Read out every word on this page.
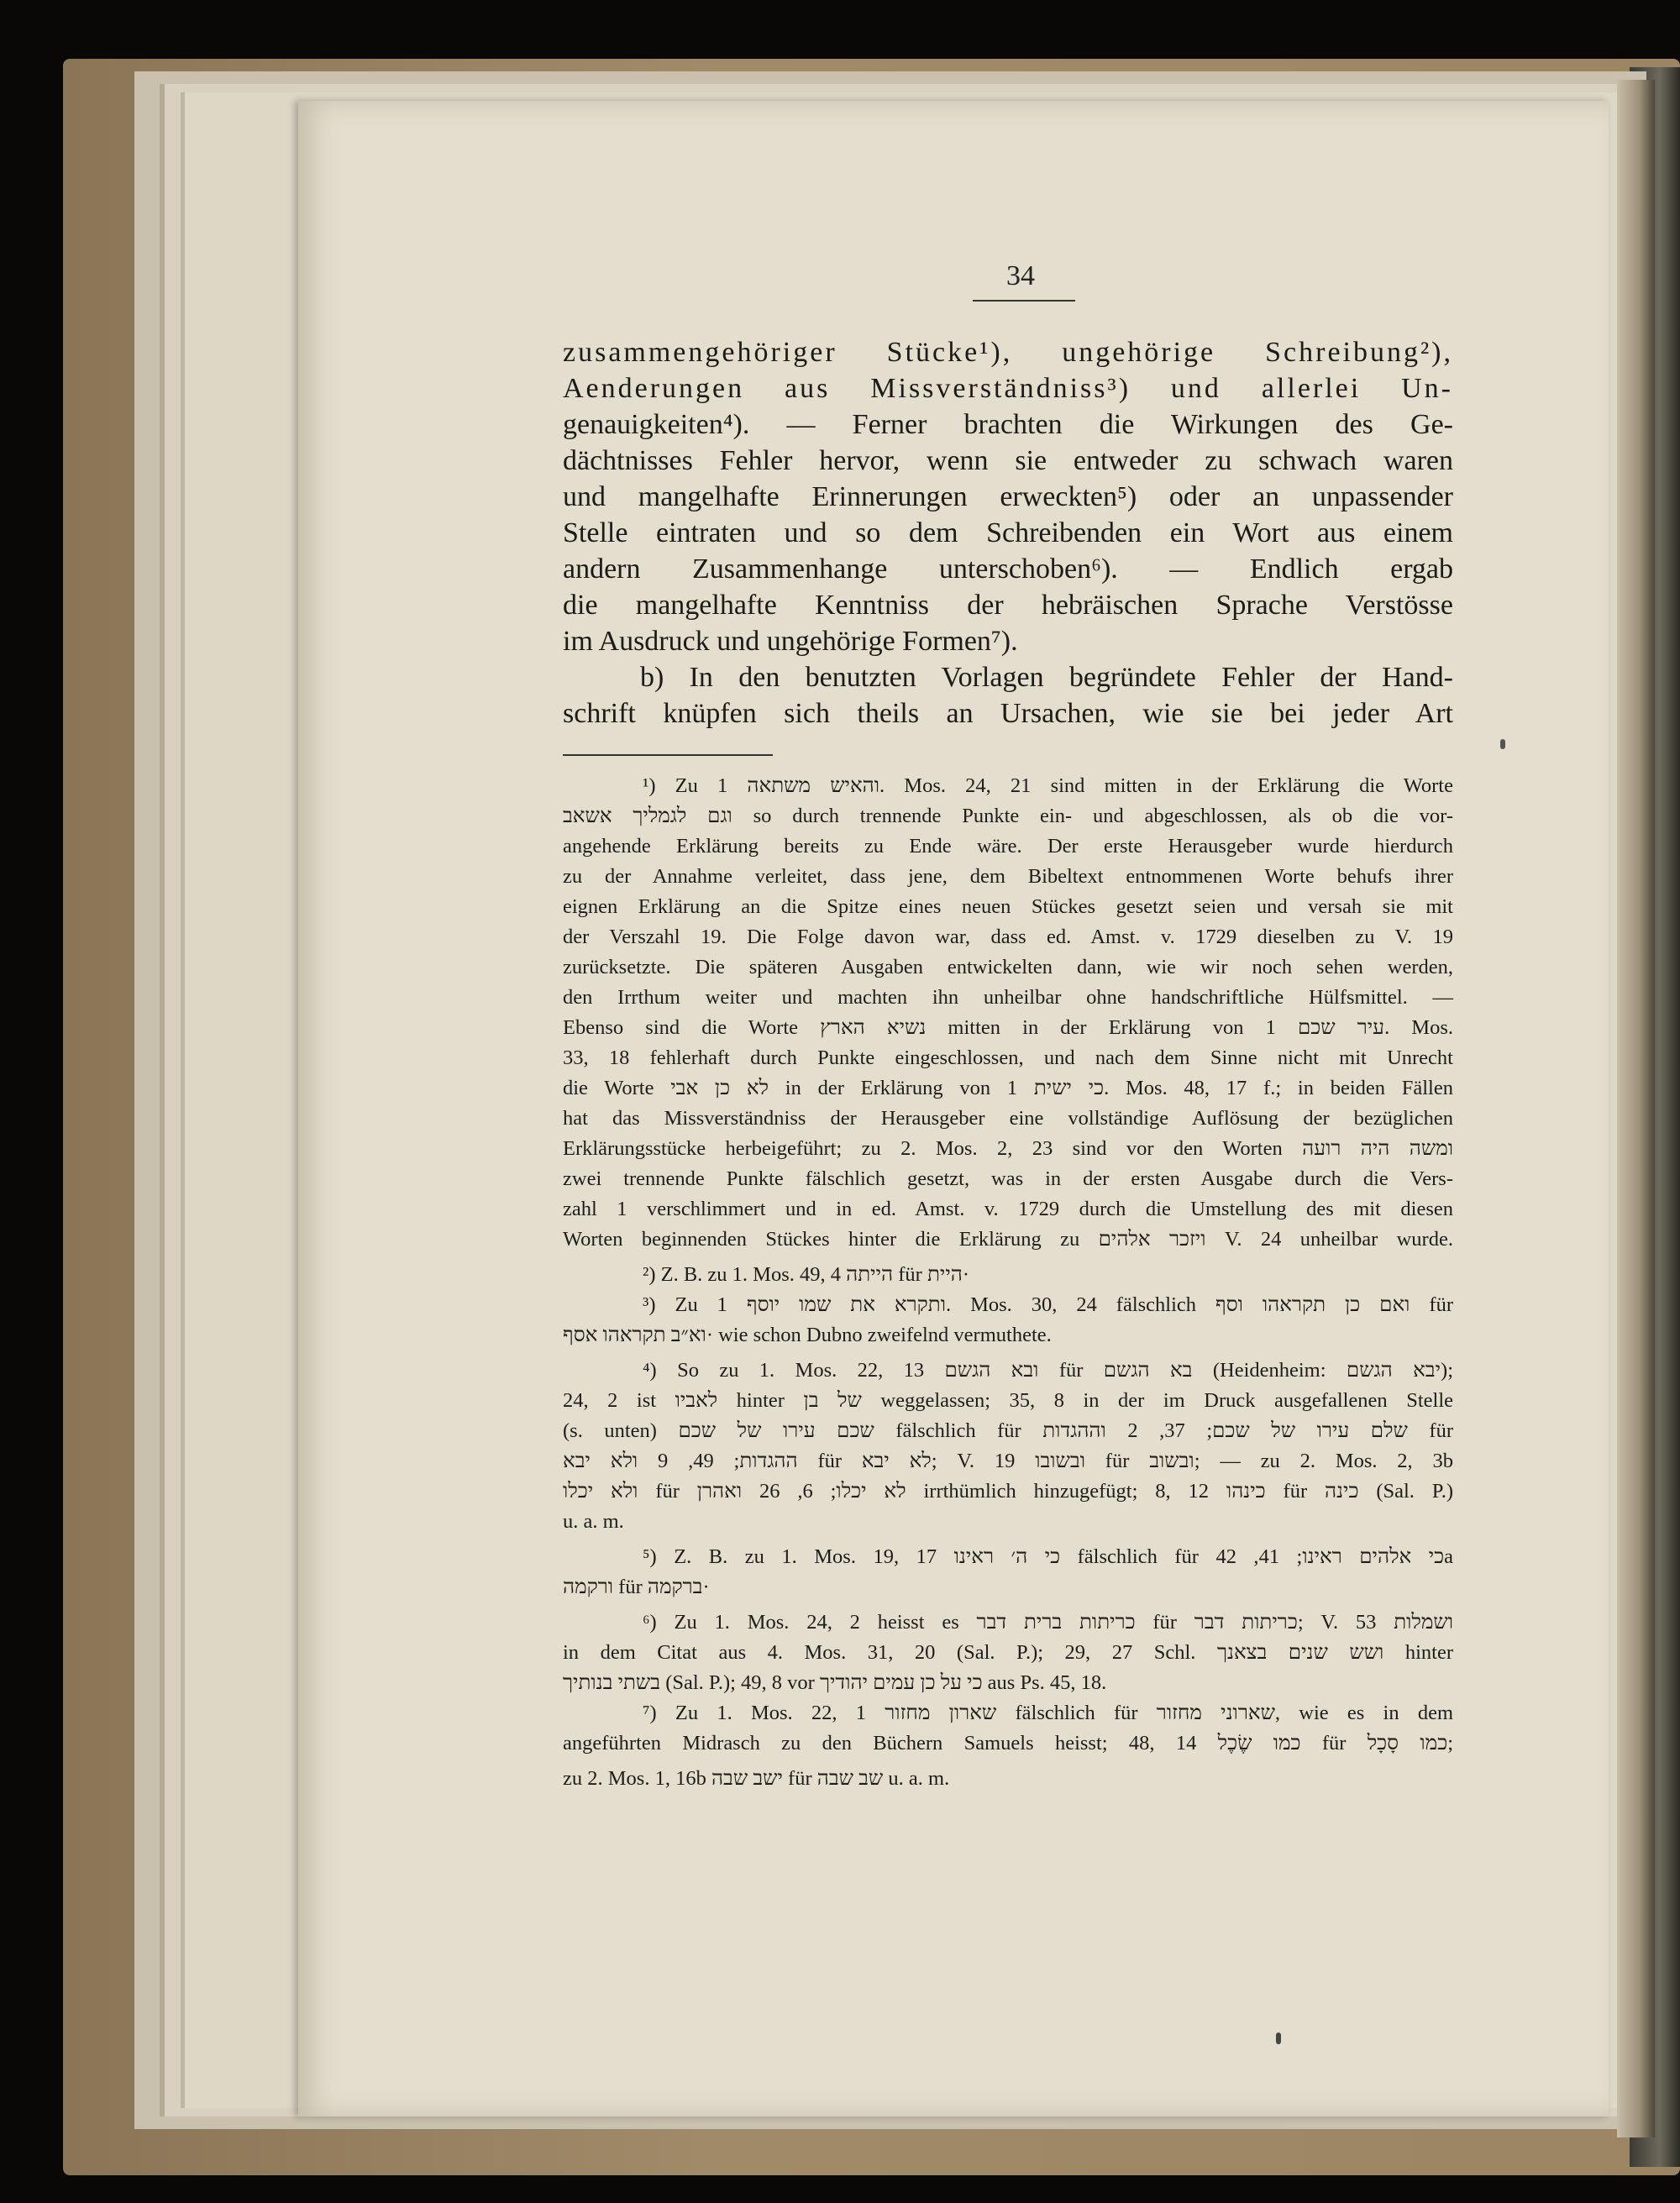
34
zusammengehöriger Stücke¹), ungehörige Schreibung²),
Aenderungen aus Missverständniss³) und allerlei Un-
genauigkeiten⁴). — Ferner brachten die Wirkungen des Ge-
dächtnisses Fehler hervor, wenn sie entweder zu schwach waren
und mangelhafte Erinnerungen erweckten⁵) oder an unpassender
Stelle eintraten und so dem Schreibenden ein Wort aus einem
andern Zusammenhange unterschoben⁶). — Endlich ergab
die mangelhafte Kenntniss der hebräischen Sprache Verstösse
im Ausdruck und ungehörige Formen⁷).
b) In den benutzten Vorlagen begründete Fehler der Hand-
schrift knüpfen sich theils an Ursachen, wie sie bei jeder Art
¹) Zu והאיש משתאה 1. Mos. 24, 21 sind mitten in der Erklärung die Worte
וגם לגמליך אשאב so durch trennende Punkte ein- und abgeschlossen, als ob die vor-
angehende Erklärung bereits zu Ende wäre. Der erste Herausgeber wurde hierdurch
zu der Annahme verleitet, dass jene, dem Bibeltext entnommenen Worte behufs ihrer
eignen Erklärung an die Spitze eines neuen Stückes gesetzt seien und versah sie mit
der Verszahl 19. Die Folge davon war, dass ed. Amst. v. 1729 dieselben zu V. 19
zurücksetzte. Die späteren Ausgaben entwickelten dann, wie wir noch sehen werden,
den Irrthum weiter und machten ihn unheilbar ohne handschriftliche Hülfsmittel. —
Ebenso sind die Worte נשיא הארץ mitten in der Erklärung von עיר שכם 1. Mos.
33, 18 fehlerhaft durch Punkte eingeschlossen, und nach dem Sinne nicht mit Unrecht
die Worte לא כן אבי in der Erklärung von כי ישית 1. Mos. 48, 17 f.; in beiden Fällen
hat das Missverständniss der Herausgeber eine vollständige Auflösung der bezüglichen
Erklärungsstücke herbeigeführt; zu 2. Mos. 2, 23 sind vor den Worten ומשה היה רועה
zwei trennende Punkte fälschlich gesetzt, was in der ersten Ausgabe durch die Vers-
zahl 1 verschlimmert und in ed. Amst. v. 1729 durch die Umstellung des mit diesen
Worten beginnenden Stückes hinter die Erklärung zu ויזכר אלהים V. 24 unheilbar wurde.
²) Z. B. zu 1. Mos. 49, 4 הייתה für היית·
³) Zu ותקרא את שמו יוסף 1. Mos. 30, 24 fälschlich ואם כן תקראהו וסף für
וא״ב תקראהו אסף· wie schon Dubno zweifelnd vermuthete.
⁴) So zu 1. Mos. 22, 13 ובא הגשם für בא הגשם (Heidenheim: יבא הגשם);
24, 2 ist לאביו hinter של בן weggelassen; 35, 8 in der im Druck ausgefallenen Stelle
(s. unten) שכם עירו של שכם fälschlich für שלם עירו של שכם; 37, 2 וההגדות für
ההגדות; 49, 9 ולא יבא für לא יבא; V. 19 ובשובו für ובשוב; — zu 2. Mos. 2, 3b
ולא יכלו für לא יכלו; 6, 26 ואהרן irrthümlich hinzugefügt; 8, 12 כינהו für כינה (Sal. P.)
u. a. m.
⁵) Z. B. zu 1. Mos. 19, 17 כי ה׳ ראינו fälschlich für כי אלהים ראינו; 41, 42a
ורקמה für ברקמה·
⁶) Zu 1. Mos. 24, 2 heisst es כריתות ברית דבר für כריתות דבר; V. 53 ושמלות
in dem Citat aus 4. Mos. 31, 20 (Sal. P.); 29, 27 Schl. ושש שנים בצאנך hinter
בשתי בנותיך (Sal. P.); 49, 8 vor כי על כן עמים יהודיך aus Ps. 45, 18.
⁷) Zu 1. Mos. 22, 1 שארון מחזור fälschlich für שארוני מחזור, wie es in dem
angeführten Midrasch zu den Büchern Samuels heisst; 48, 14 כמו שֶׂכֶל für כמו סָכָל;
zu 2. Mos. 1, 16b ישב שבה für שב שבה u. a. m.
